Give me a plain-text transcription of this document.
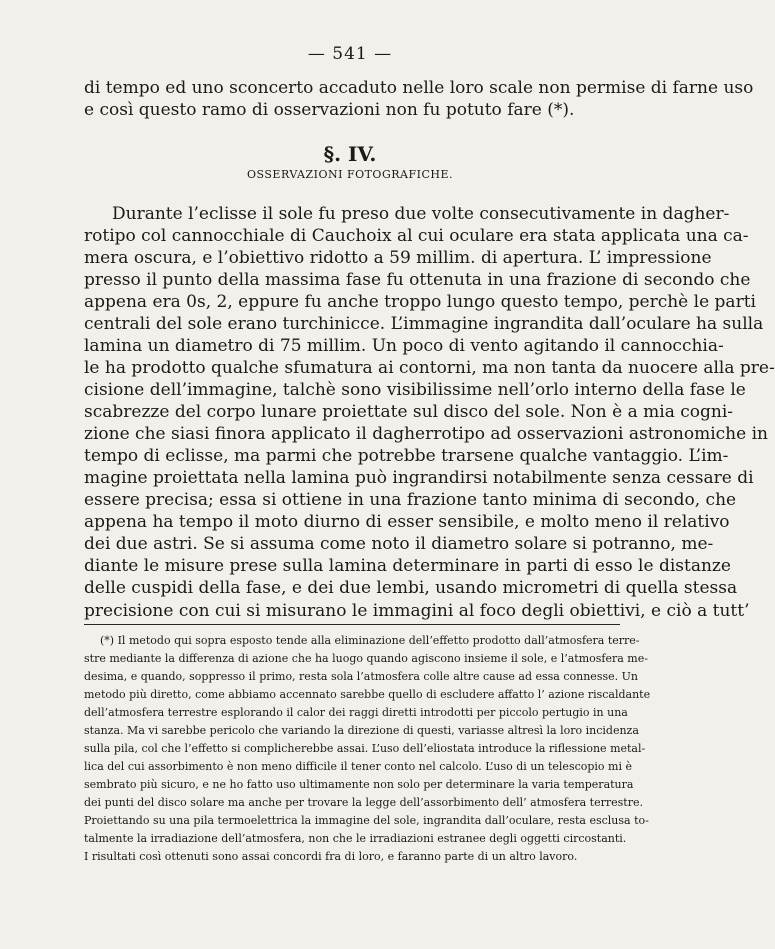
— 541 —
di tempo ed uno sconcerto accaduto nelle loro scale non permise di farne uso
e così questo ramo di osservazioni non fu potuto fare (*).
§. IV.
OSSERVAZIONI FOTOGRAFICHE.
Durante l’eclisse il sole fu preso due volte consecutivamente in dagher-
rotipo col cannocchiale di Cauchoix al cui oculare era stata applicata una ca-
mera oscura, e l’obiettivo ridotto a 59 millim. di apertura. L’ impressione
presso il punto della massima fase fu ottenuta in una frazione di secondo che
appena era 0s, 2, eppure fu anche troppo lungo questo tempo, perchè le parti
centrali del sole erano turchinicce. L’immagine ingrandita dall’oculare ha sulla
lamina un diametro di 75 millim. Un poco di vento agitando il cannocchia-
le ha prodotto qualche sfumatura ai contorni, ma non tanta da nuocere alla pre-
cisione dell’immagine, talchè sono visibilissime nell’orlo interno della fase le
scabrezze del corpo lunare proiettate sul disco del sole. Non è a mia cogni-
zione che siasi finora applicato il dagherrotipo ad osservazioni astronomiche in
tempo di eclisse, ma parmi che potrebbe trarsene qualche vantaggio. L’im-
magine proiettata nella lamina può ingrandirsi notabilmente senza cessare di
essere precisa; essa si ottiene in una frazione tanto minima di secondo, che
appena ha tempo il moto diurno di esser sensibile, e molto meno il relativo
dei due astri. Se si assuma come noto il diametro solare si potranno, me-
diante le misure prese sulla lamina determinare in parti di esso le distanze
delle cuspidi della fase, e dei due lembi, usando micrometri di quella stessa
precisione con cui si misurano le immagini al foco degli obiettivi, e ciò a tutt’
(*) Il metodo qui sopra esposto tende alla eliminazione dell’effetto prodotto dall’atmosfera terre-
stre mediante la differenza di azione che ha luogo quando agiscono insieme il sole, e l’atmosfera me-
desima, e quando, soppresso il primo, resta sola l’atmosfera colle altre cause ad essa connesse. Un
metodo più diretto, come abbiamo accennato sarebbe quello di escludere affatto l’ azione riscaldante
dell’atmosfera terrestre esplorando il calor dei raggi diretti introdotti per piccolo pertugio in una
stanza. Ma vi sarebbe pericolo che variando la direzione di questi, variasse altresì la loro incidenza
sulla pila, col che l’effetto si complicherebbe assai. L’uso dell’eliostata introduce la riflessione metal-
lica del cui assorbimento è non meno difficile il tener conto nel calcolo. L’uso di un telescopio mi è
sembrato più sicuro, e ne ho fatto uso ultimamente non solo per determinare la varia temperatura
dei punti del disco solare ma anche per trovare la legge dell’assorbimento dell’ atmosfera terrestre.
Proiettando su una pila termoelettrica la immagine del sole, ingrandita dall’oculare, resta esclusa to-
talmente la irradiazione dell’atmosfera, non che le irradiazioni estranee degli oggetti circostanti.
I risultati così ottenuti sono assai concordi fra di loro, e faranno parte di un altro lavoro.
